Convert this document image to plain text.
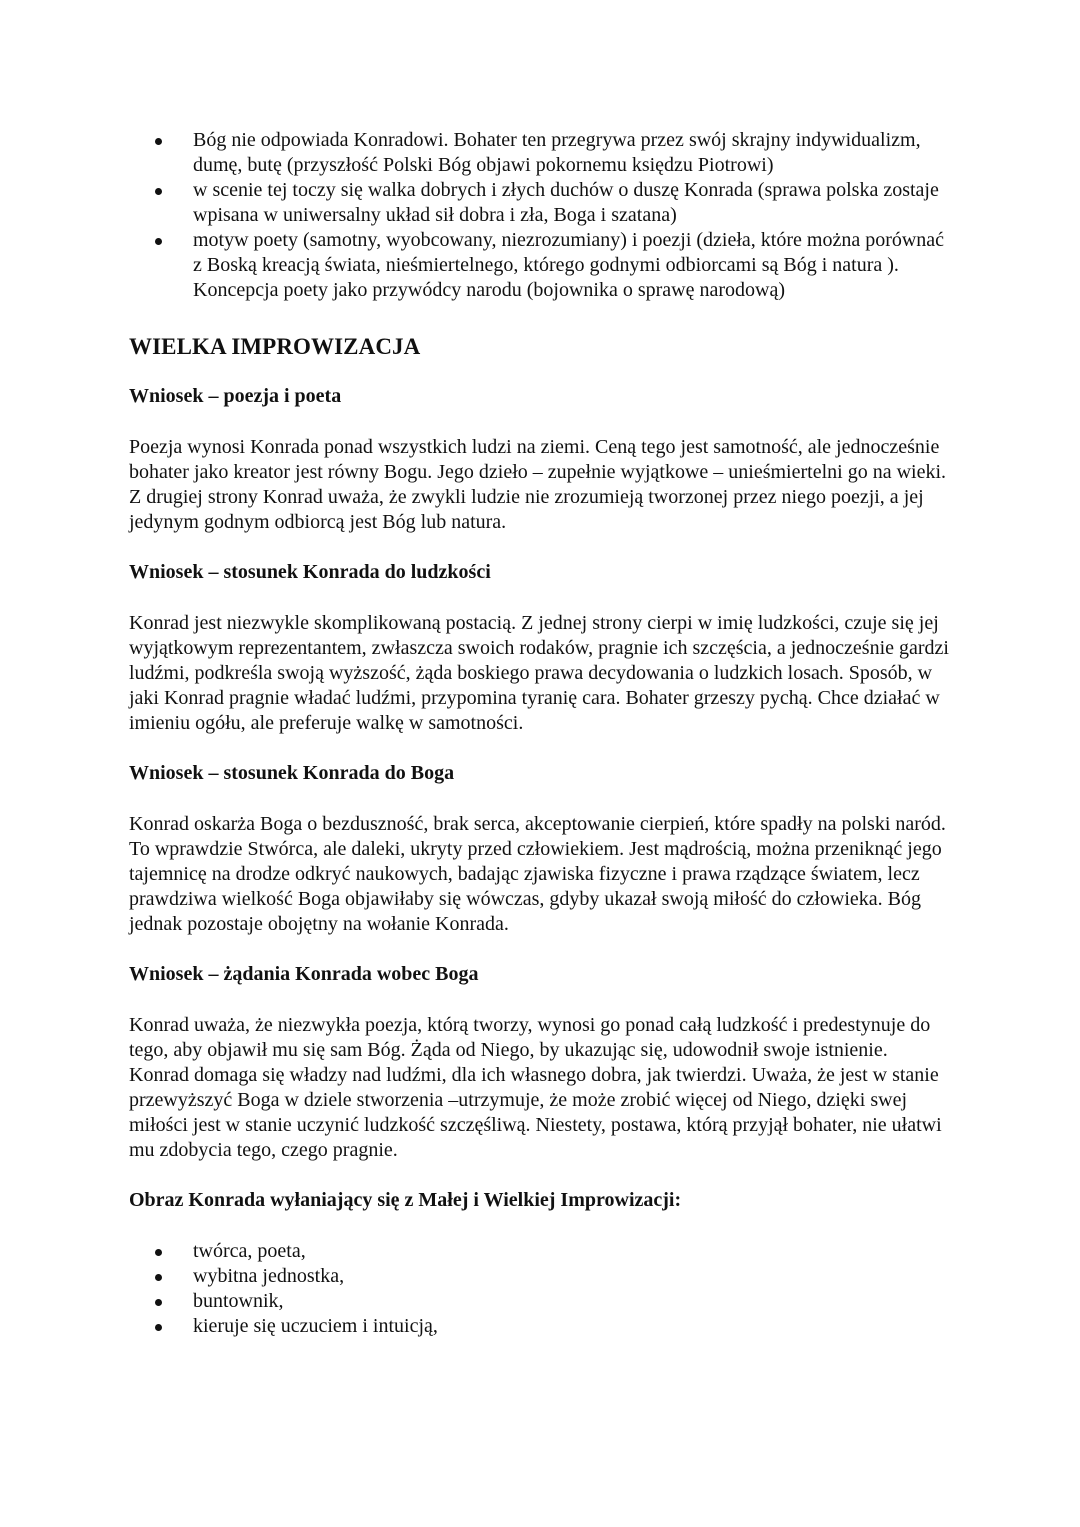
Bóg nie odpowiada Konradowi. Bohater ten przegrywa przez swój skrajny indywidualizm, dumę, butę (przyszłość Polski Bóg objawi pokornemu księdzu Piotrowi)
w scenie tej toczy się walka dobrych i złych duchów o duszę Konrada (sprawa polska zostaje wpisana w uniwersalny układ sił dobra i zła, Boga i szatana)
motyw poety (samotny, wyobcowany, niezrozumiany) i poezji (dzieła, które można porównać z Boską kreacją świata, nieśmiertelnego, którego godnymi odbiorcami są Bóg i natura ). Koncepcja poety jako przywódcy narodu (bojownika o sprawę narodową)
WIELKA IMPROWIZACJA
Wniosek – poezja i poeta

Poezja wynosi Konrada ponad wszystkich ludzi na ziemi. Ceną tego jest samotność, ale jednocześnie bohater jako kreator jest równy Bogu. Jego dzieło – zupełnie wyjątkowe – unieśmiertelni go na wieki. Z drugiej strony Konrad uważa, że zwykli ludzie nie zrozumieją tworzonej przez niego poezji, a jej jedynym godnym odbiorcą jest Bóg lub natura.

Wniosek – stosunek Konrada do ludzkości

Konrad jest niezwykle skomplikowaną postacią. Z jednej strony cierpi w imię ludzkości, czuje się jej wyjątkowym reprezentantem, zwłaszcza swoich rodaków, pragnie ich szczęścia, a jednocześnie gardzi ludźmi, podkreśla swoją wyższość, żąda boskiego prawa decydowania o ludzkich losach. Sposób, w jaki Konrad pragnie władać ludźmi, przypomina tyranię cara. Bohater grzeszy pychą. Chce działać w imieniu ogółu, ale preferuje walkę w samotności.

Wniosek – stosunek Konrada do Boga

Konrad oskarża Boga o bezduszność, brak serca, akceptowanie cierpień, które spadły na polski naród. To wprawdzie Stwórca, ale daleki, ukryty przed człowiekiem. Jest mądrością, można przeniknąć jego tajemnicę na drodze odkryć naukowych, badając zjawiska fizyczne i prawa rządzące światem, lecz prawdziwa wielkość Boga objawiłaby się wówczas, gdyby ukazał swoją miłość do człowieka. Bóg jednak pozostaje obojętny na wołanie Konrada.

Wniosek – żądania Konrada wobec Boga

Konrad uważa, że niezwykła poezja, którą tworzy, wynosi go ponad całą ludzkość i predestynuje do tego, aby objawił mu się sam Bóg. Żąda od Niego, by ukazując się, udowodnił swoje istnienie. Konrad domaga się władzy nad ludźmi, dla ich własnego dobra, jak twierdzi. Uważa, że jest w stanie przewyższyć Boga w dziele stworzenia –utrzymuje, że może zrobić więcej od Niego, dzięki swej miłości jest w stanie uczynić ludzkość szczęśliwą. Niestety, postawa, którą przyjął bohater, nie ułatwi mu zdobycia tego, czego pragnie.

Obraz Konrada wyłaniający się z Małej i Wielkiej Improwizacji:
twórca, poeta,
wybitna jednostka,
buntownik,
kieruje się uczuciem i intuicją,
